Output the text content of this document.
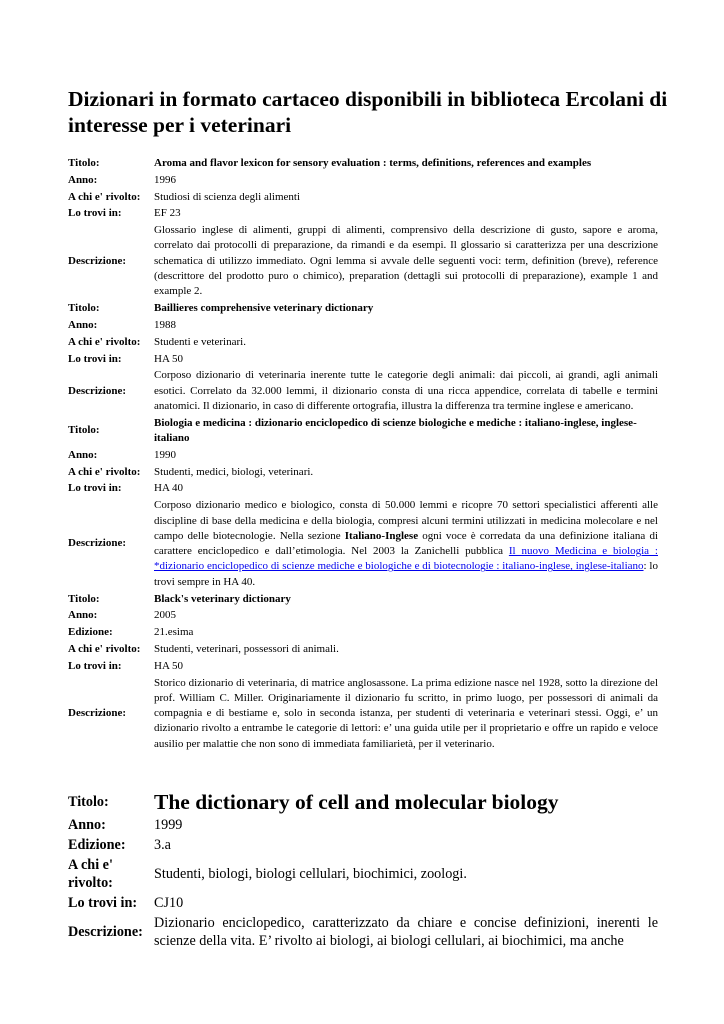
Dizionari in formato cartaceo disponibili in biblioteca Ercolani di interesse per i veterinari
Titolo:	Aroma and flavor lexicon for sensory evaluation : terms, definitions, references and examples
Anno:	1996
A chi e' rivolto:	Studiosi di scienza degli alimenti
Lo trovi in:	EF 23
Descrizione:	Glossario inglese di alimenti, gruppi di alimenti, comprensivo della descrizione di gusto, sapore e aroma, correlato dai protocolli di preparazione, da rimandi e da esempi. Il glossario si caratterizza per una descrizione schematica di utilizzo immediato. Ogni lemma si avvale delle seguenti voci: term, definition (breve), reference (descrittore del prodotto puro o chimico), preparation (dettagli sui protocolli di preparazione), example 1 and example 2.
Titolo:	Baillieres comprehensive veterinary dictionary
Anno:	1988
A chi e' rivolto:	Studenti e veterinari.
Lo trovi in:	HA 50
Descrizione:	Corposo dizionario di veterinaria inerente tutte le categorie degli animali: dai piccoli, ai grandi, agli animali esotici. Correlato da 32.000 lemmi, il dizionario consta di una ricca appendice, correlata di tabelle e termini anatomici. Il dizionario, in caso di differente ortografia, illustra la differenza tra termine inglese e americano.
Titolo:	Biologia e medicina : dizionario enciclopedico di scienze biologiche e mediche : italiano-inglese, inglese-italiano
Anno:	1990
A chi e' rivolto:	Studenti, medici, biologi, veterinari.
Lo trovi in:	HA 40
Descrizione:	Corposo dizionario medico e biologico, consta di 50.000 lemmi e ricopre 70 settori specialistici afferenti alle discipline di base della medicina e della biologia, compresi alcuni termini utilizzati in medicina molecolare e nel campo delle biotecnologie. Nella sezione Italiano-Inglese ogni voce è corredata da una definizione italiana di carattere enciclopedico e dall’etimologia. Nel 2003 la Zanichelli pubblica Il nuovo Medicina e biologia : *dizionario enciclopedico di scienze mediche e biologiche e di biotecnologie : italiano-inglese, inglese-italiano: lo trovi sempre in HA 40.
Titolo:	Black's veterinary dictionary
Anno:	2005
Edizione:	21.esima
A chi e' rivolto:	Studenti, veterinari, possessori di animali.
Lo trovi in:	HA 50
Descrizione:	Storico dizionario di veterinaria, di matrice anglosassone. La prima edizione nasce nel 1928, sotto la direzione del prof. William C. Miller. Originariamente il dizionario fu scritto, in primo luogo, per possessori di animali da compagnia e di bestiame e, solo in seconda istanza, per studenti di veterinaria e veterinari stessi. Oggi, e’ un dizionario rivolto a entrambe le categorie di lettori: e’ una guida utile per il proprietario e offre un rapido e veloce ausilio per malattie che non sono di immediata familiarietà, per il veterinario.
Titolo:	The dictionary of cell and molecular biology
Anno:	1999
Edizione:	3.a
A chi e' rivolto:	Studenti, biologi, biologi cellulari, biochimici, zoologi.
Lo trovi in:	CJ10
Descrizione:	Dizionario enciclopedico, caratterizzato da chiare e concise definizioni, inerenti le scienze della vita. E’ rivolto ai biologi, ai biologi cellulari, ai biochimici, ma anche
